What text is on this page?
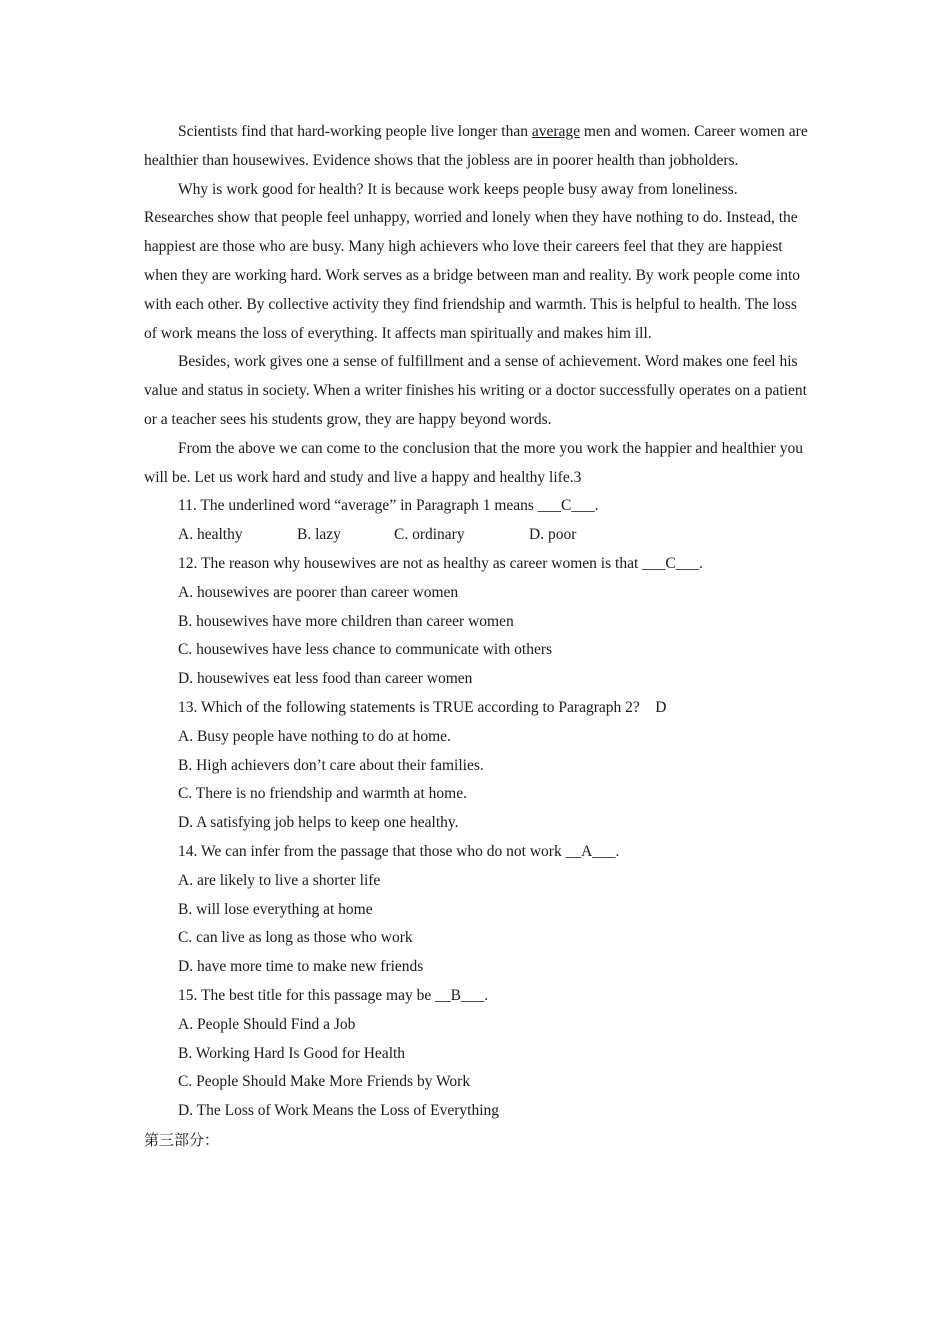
Scientists find that hard-working people live longer than average men and women. Career women are healthier than housewives. Evidence shows that the jobless are in poorer health than jobholders.

Why is work good for health? It is because work keeps people busy away from loneliness. Researches show that people feel unhappy, worried and lonely when they have nothing to do. Instead, the happiest are those who are busy. Many high achievers who love their careers feel that they are happiest when they are working hard. Work serves as a bridge between man and reality. By work people come into with each other. By collective activity they find friendship and warmth. This is helpful to health. The loss of work means the loss of everything. It affects man spiritually and makes him ill.

Besides, work gives one a sense of fulfillment and a sense of achievement. Word makes one feel his value and status in society. When a writer finishes his writing or a doctor successfully operates on a patient or a teacher sees his students grow, they are happy beyond words.

From the above we can come to the conclusion that the more you work the happier and healthier you will be. Let us work hard and study and live a happy and healthy life.3

11. The underlined word “average” in Paragraph 1 means ___C___.

A. healthy	B. lazy	C. ordinary	D. poor

12. The reason why housewives are not as healthy as career women is that ___C___.

A. housewives are poorer than career women

B. housewives have more children than career women

C. housewives have less chance to communicate with others

D. housewives eat less food than career women

13. Which of the following statements is TRUE according to Paragraph 2?　D

A. Busy people have nothing to do at home.

B. High achievers don’t care about their families.

C. There is no friendship and warmth at home.

D. A satisfying job helps to keep one healthy.

14. We can infer from the passage that those who do not work __A___.

A. are likely to live a shorter life

B. will lose everything at home

C. can live as long as those who work

D. have more time to make new friends

15. The best title for this passage may be __B___.

A. People Should Find a Job

B. Working Hard Is Good for Health

C. People Should Make More Friends by Work

D. The Loss of Work Means the Loss of Everything

第三部分：
